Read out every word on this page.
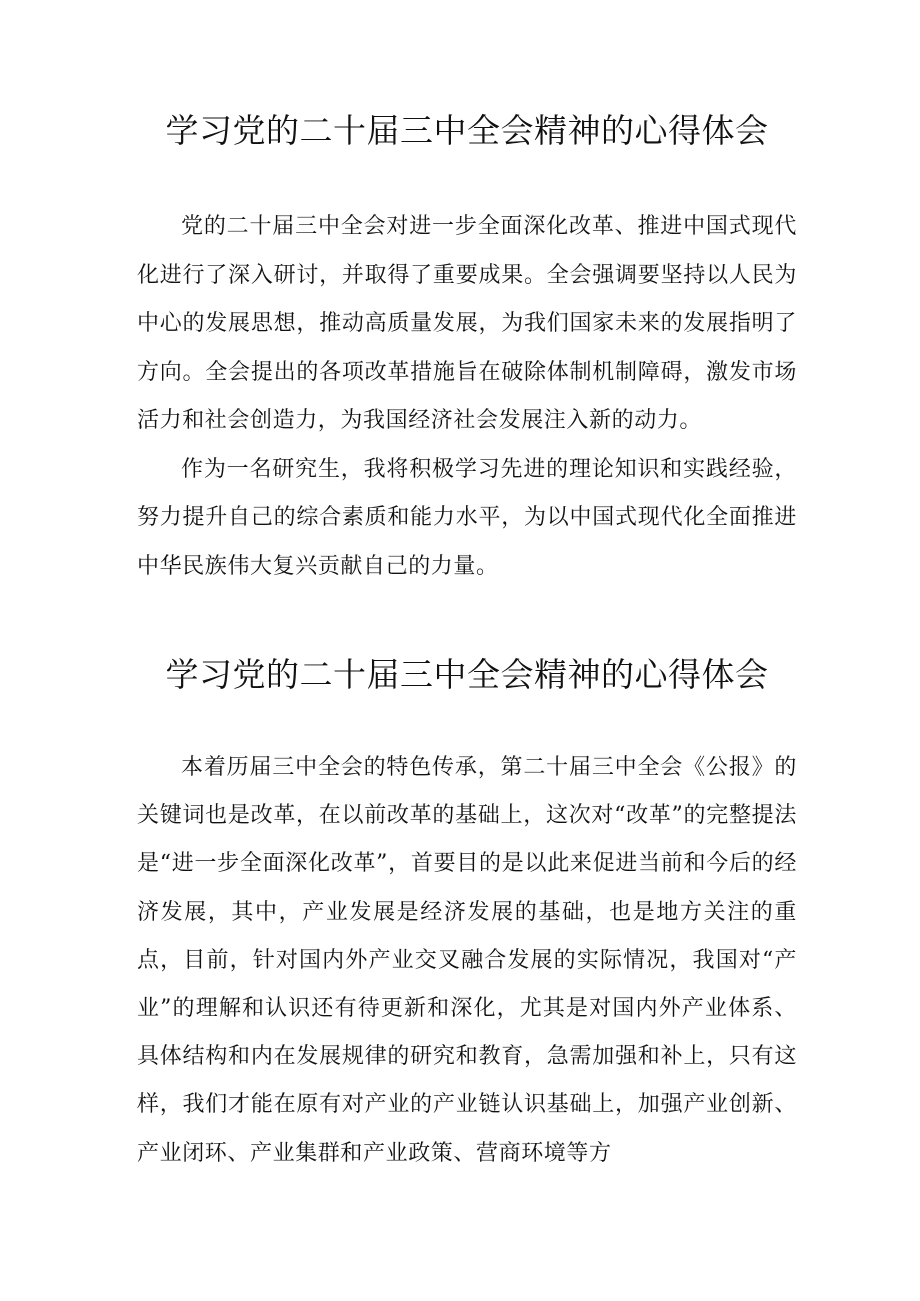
学习党的二十届三中全会精神的心得体会

党的二十届三中全会对进一步全面深化改革、推进中国式现代化进行了深入研讨，并取得了重要成果。全会强调要坚持以人民为中心的发展思想，推动高质量发展，为我们国家未来的发展指明了方向。全会提出的各项改革措施旨在破除体制机制障碍，激发市场活力和社会创造力，为我国经济社会发展注入新的动力。

作为一名研究生，我将积极学习先进的理论知识和实践经验，努力提升自己的综合素质和能力水平，为以中国式现代化全面推进中华民族伟大复兴贡献自己的力量。

学习党的二十届三中全会精神的心得体会

本着历届三中全会的特色传承，第二十届三中全会《公报》的关键词也是改革，在以前改革的基础上，这次对“改革”的完整提法是“进一步全面深化改革”，首要目的是以此来促进当前和今后的经济发展，其中，产业发展是经济发展的基础，也是地方关注的重点，目前，针对国内外产业交叉融合发展的实际情况，我国对“产业”的理解和认识还有待更新和深化，尤其是对国内外产业体系、具体结构和内在发展规律的研究和教育，急需加强和补上，只有这样，我们才能在原有对产业的产业链认识基础上，加强产业创新、产业闭环、产业集群和产业政策、营商环境等方
